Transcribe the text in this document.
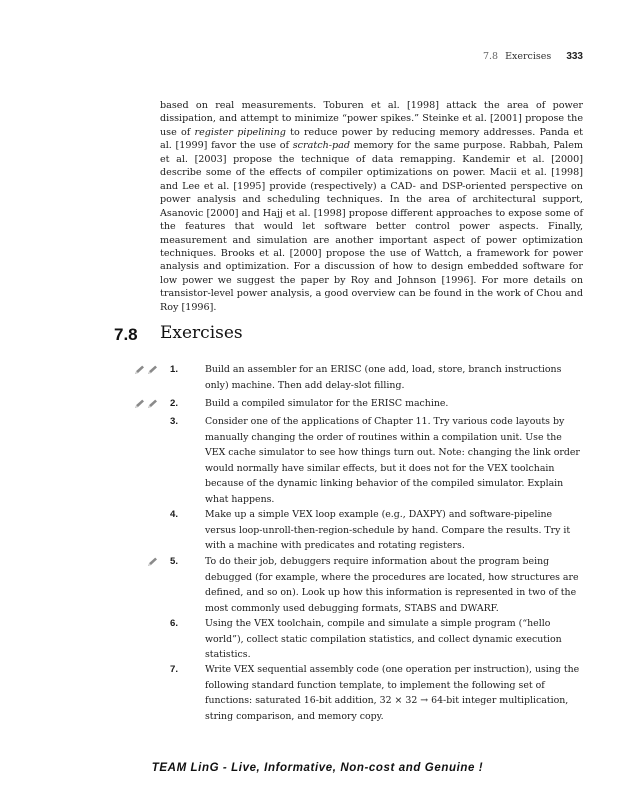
7.8 Exercises 333

based on real measurements. Toburen et al. [1998] attack the area of power dissipation, and attempt to minimize “power spikes.” Steinke et al. [2001] propose the use of register pipelining to reduce power by reducing memory addresses. Panda et al. [1999] favor the use of scratch-pad memory for the same purpose. Rabbah, Palem et al. [2003] propose the technique of data remapping. Kandemir et al. [2000] describe some of the effects of compiler optimizations on power. Macii et al. [1998] and Lee et al. [1995] provide (respectively) a CAD- and DSP-oriented perspective on power analysis and scheduling techniques. In the area of architectural support, Asanovic [2000] and Hajj et al. [1998] propose different approaches to expose some of the features that would let software better control power aspects. Finally, measurement and simulation are another important aspect of power optimization techniques. Brooks et al. [2000] propose the use of Wattch, a framework for power analysis and optimization. For a discussion of how to design embedded software for low power we suggest the paper by Roy and Johnson [1996]. For more details on transistor-level power analysis, a good overview can be found in the work of Chou and Roy [1996].

7.8 Exercises
1.	Build an assembler for an ERISC (one add, load, store, branch instructions only) machine. Then add delay-slot filling.
2.	Build a compiled simulator for the ERISC machine.
3.	Consider one of the applications of Chapter 11. Try various code layouts by manually changing the order of routines within a compilation unit. Use the VEX cache simulator to see how things turn out. Note: changing the link order would normally have similar effects, but it does not for the VEX toolchain because of the dynamic linking behavior of the compiled simulator. Explain what happens.
4.	Make up a simple VEX loop example (e.g., DAXPY) and software-pipeline versus loop-unroll-then-region-schedule by hand. Compare the results. Try it with a machine with predicates and rotating registers.
5.	To do their job, debuggers require information about the program being debugged (for example, where the procedures are located, how structures are defined, and so on). Look up how this information is represented in two of the most commonly used debugging formats, STABS and DWARF.
6.	Using the VEX toolchain, compile and simulate a simple program (“hello world”), collect static compilation statistics, and collect dynamic execution statistics.
7.	Write VEX sequential assembly code (one operation per instruction), using the following standard function template, to implement the following set of functions: saturated 16-bit addition, 32 × 32 → 64-bit integer multiplication, string comparison, and memory copy.
TEAM LinG - Live, Informative, Non-cost and Genuine !
